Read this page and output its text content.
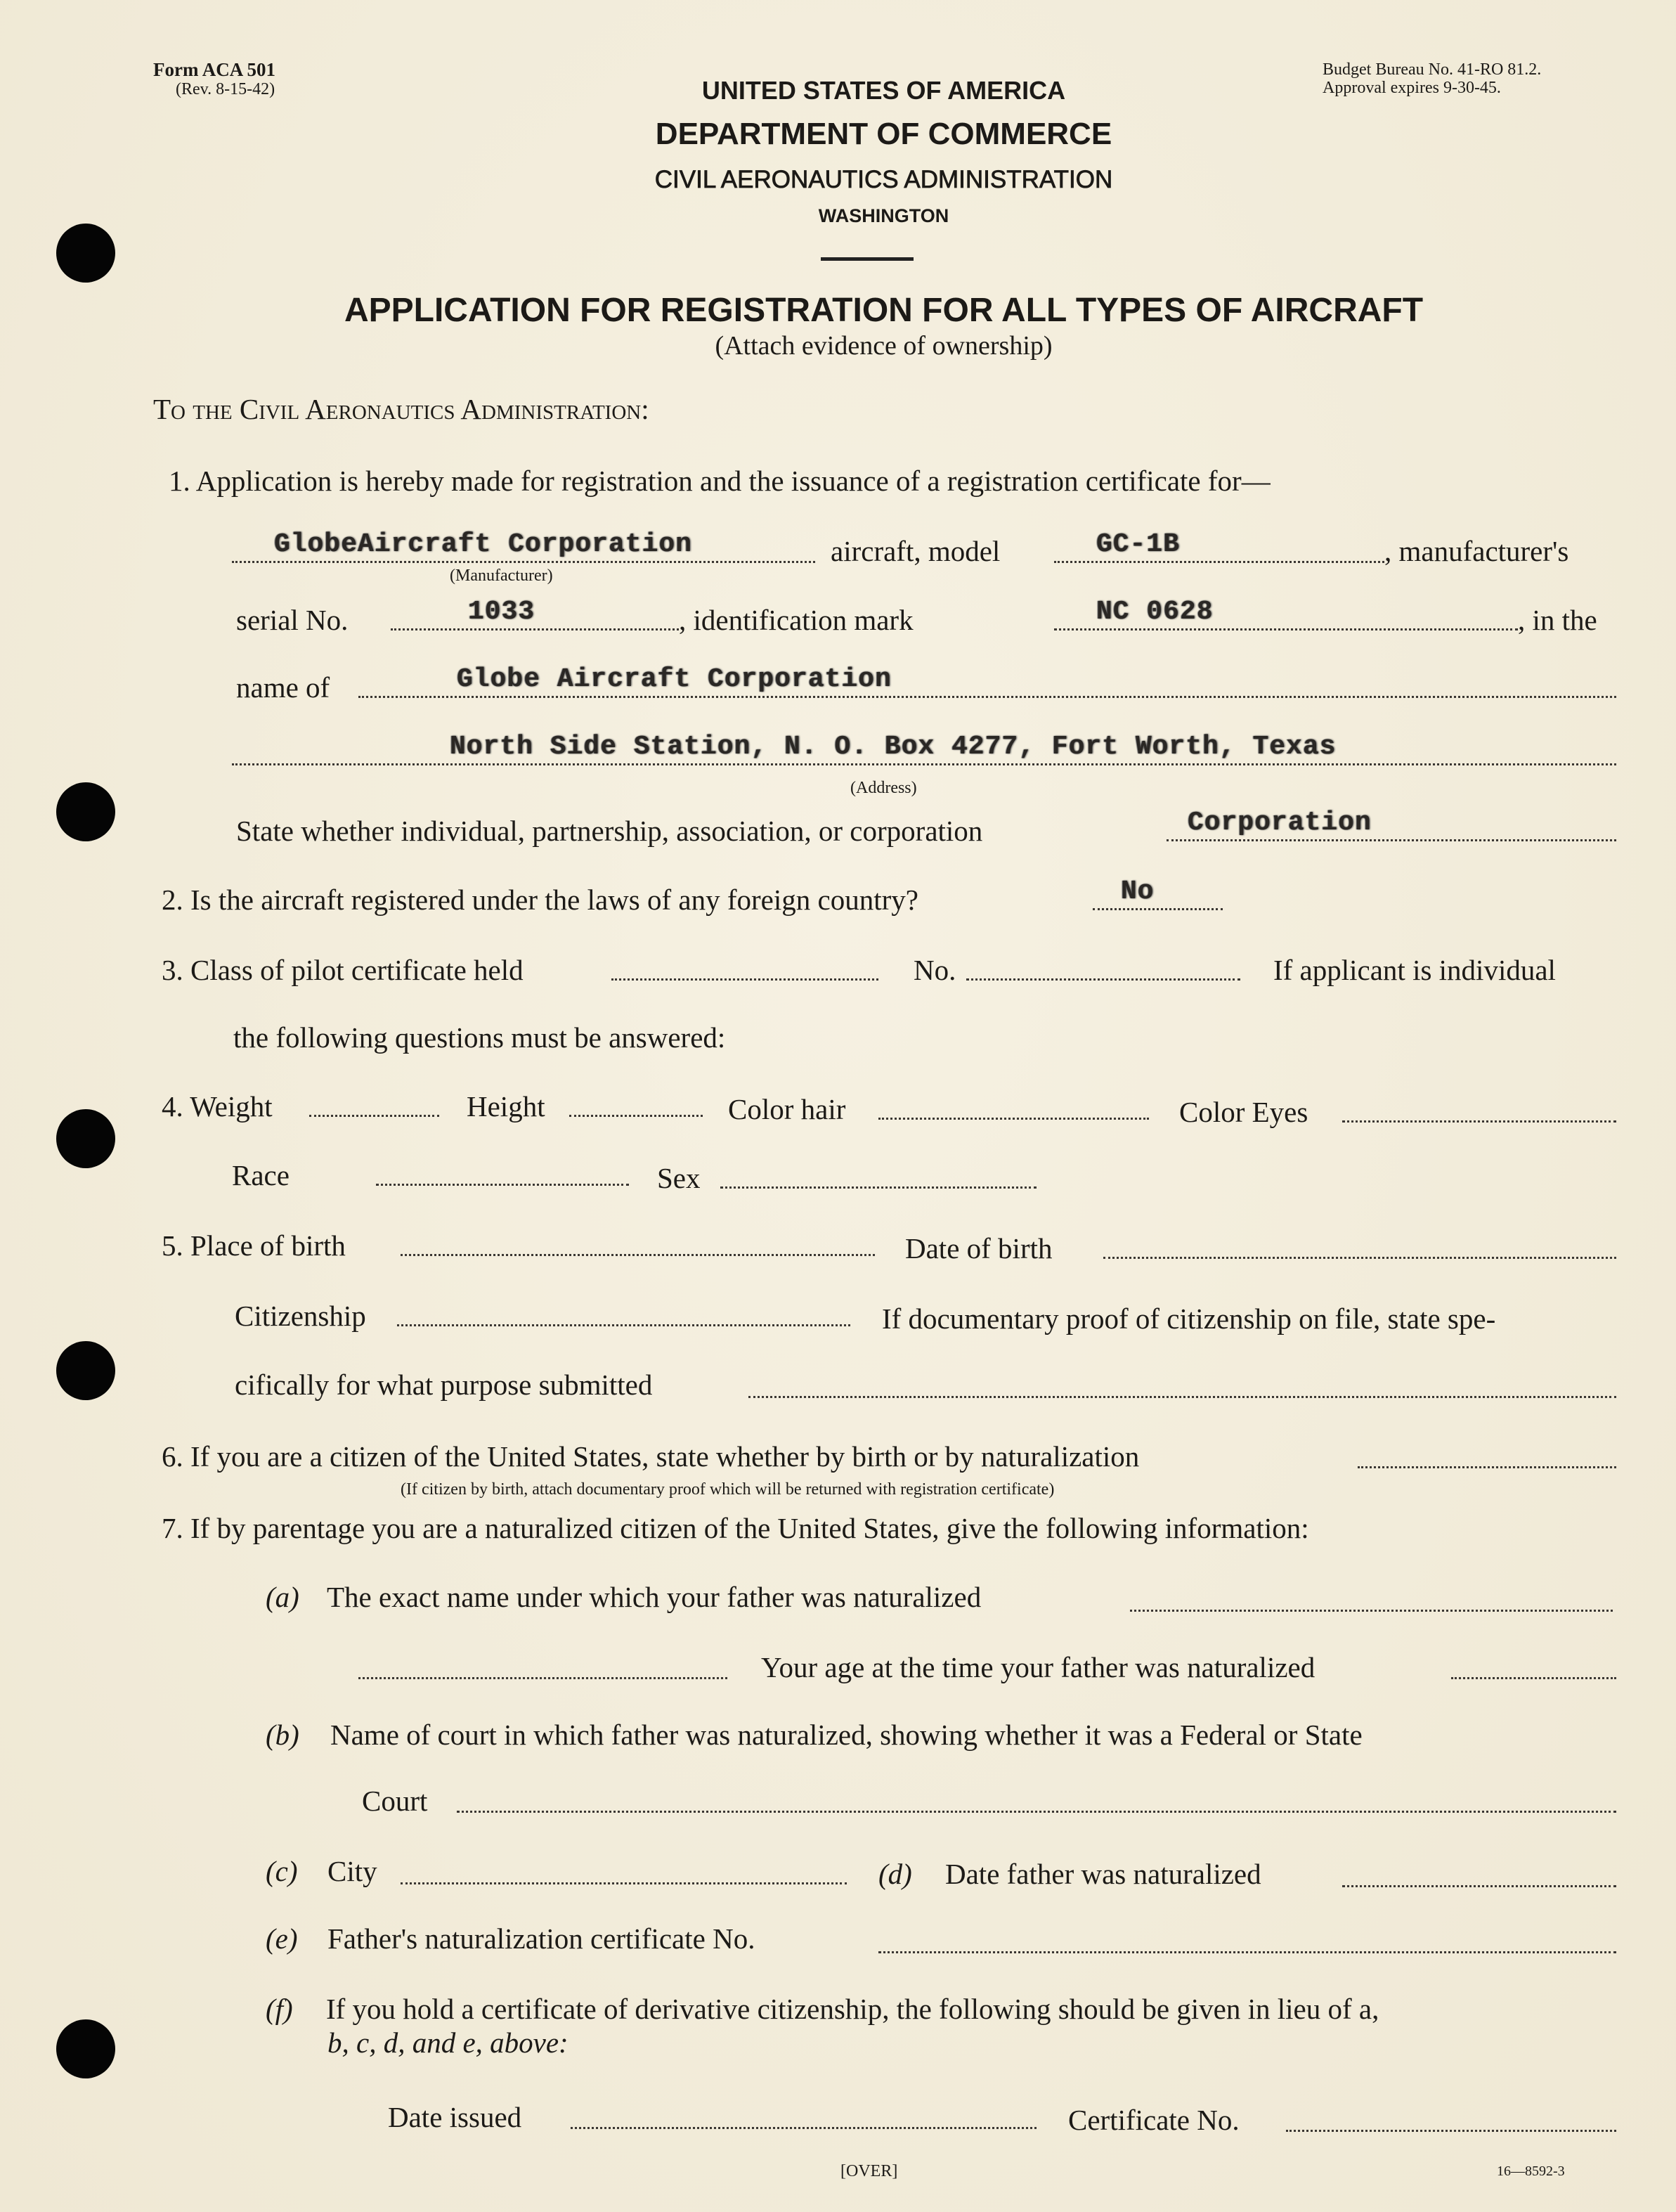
Form ACA 501
(Rev. 8-15-42)
Budget Bureau No. 41-RO 81.2.
Approval expires 9-30-45.
UNITED STATES OF AMERICA
DEPARTMENT OF COMMERCE
CIVIL AERONAUTICS ADMINISTRATION
WASHINGTON
APPLICATION FOR REGISTRATION FOR ALL TYPES OF AIRCRAFT
(Attach evidence of ownership)
To the Civil Aeronautics Administration:
1. Application is hereby made for registration and the issuance of a registration certificate for—
GlobeAircraft Corporation	aircraft, model	GC-1B	, manufacturer's
(Manufacturer)
serial No.	1033	, identification mark	NC 0628	, in the
name of	Globe Aircraft Corporation
North Side Station, N. O. Box 4277, Fort Worth, Texas
(Address)
State whether individual, partnership, association, or corporation	Corporation
2. Is the aircraft registered under the laws of any foreign country?	No
3. Class of pilot certificate held	No.	If applicant is individual
the following questions must be answered:
4. Weight	Height	Color hair	Color Eyes
Race	Sex
5. Place of birth	Date of birth
Citizenship	If documentary proof of citizenship on file, state spe-
cifically for what purpose submitted
6. If you are a citizen of the United States, state whether by birth or by naturalization
(If citizen by birth, attach documentary proof which will be returned with registration certificate)
7. If by parentage you are a naturalized citizen of the United States, give the following information:
(a) The exact name under which your father was naturalized
Your age at the time your father was naturalized
(b) Name of court in which father was naturalized, showing whether it was a Federal or State
Court
(c) City	(d) Date father was naturalized
(e) Father's naturalization certificate No.
(f) If you hold a certificate of derivative citizenship, the following should be given in lieu of a,
b, c, d, and e, above:
Date issued	Certificate No.
[OVER]	16—8592-3
